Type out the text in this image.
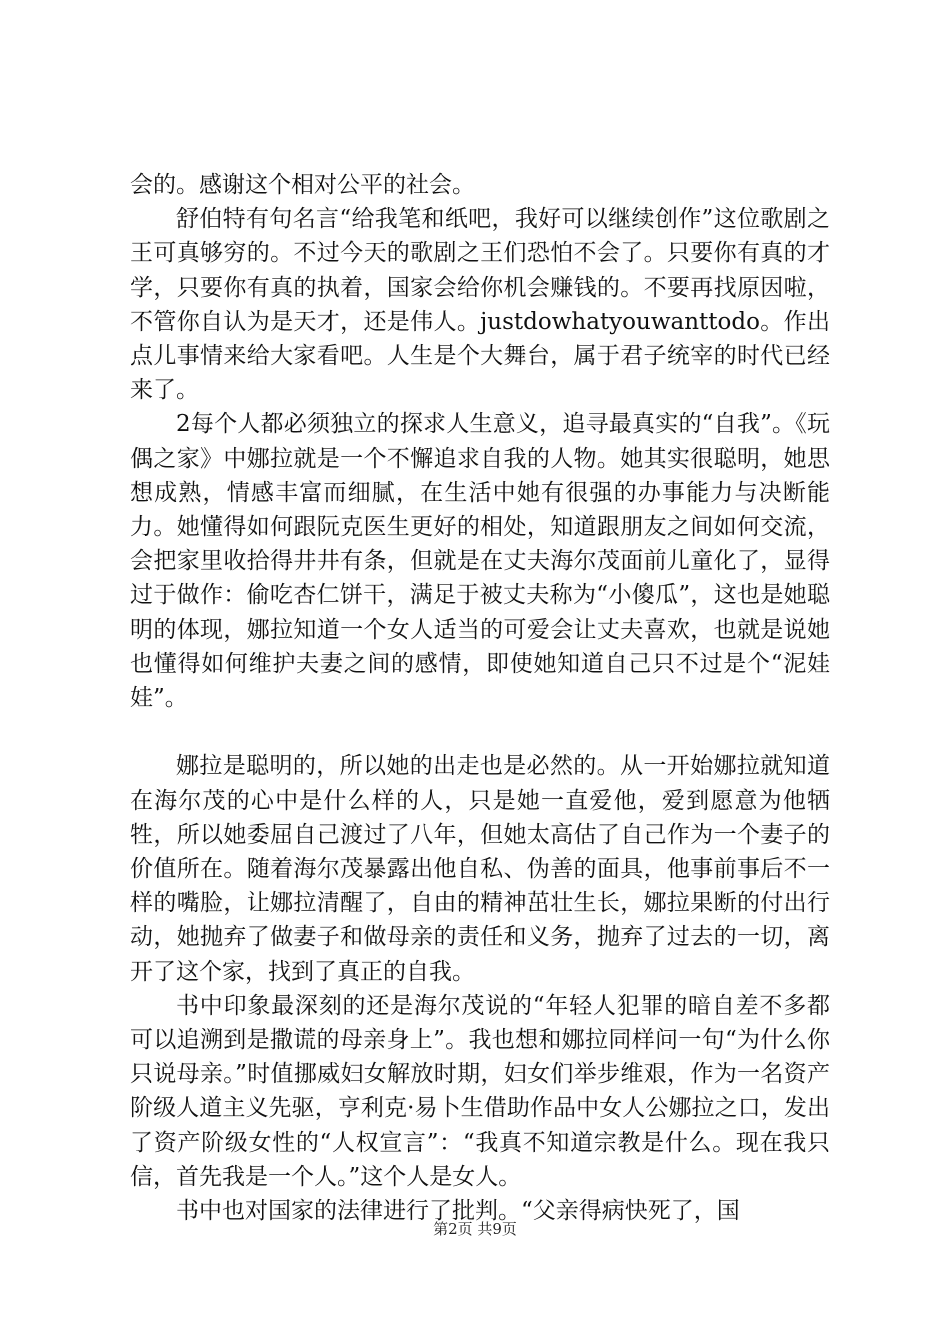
会的。感谢这个相对公平的社会。

舒伯特有句名言“给我笔和纸吧，我好可以继续创作”这位歌剧之王可真够穷的。不过今天的歌剧之王们恐怕不会了。只要你有真的才学，只要你有真的执着，国家会给你机会赚钱的。不要再找原因啦，不管你自认为是天才，还是伟人。justdowhatyouwanttodo。作出点儿事情来给大家看吧。人生是个大舞台，属于君子统宰的时代已经来了。

2每个人都必须独立的探求人生意义，追寻最真实的“自我”。《玩偶之家》中娜拉就是一个不懈追求自我的人物。她其实很聪明，她思想成熟，情感丰富而细腻，在生活中她有很强的办事能力与决断能力。她懂得如何跟阮克医生更好的相处，知道跟朋友之间如何交流，会把家里收拾得井井有条，但就是在丈夫海尔茂面前儿童化了，显得过于做作：偷吃杏仁饼干，满足于被丈夫称为“小傻瓜”，这也是她聪明的体现，娜拉知道一个女人适当的可爱会让丈夫喜欢，也就是说她也懂得如何维护夫妻之间的感情，即使她知道自己只不过是个“泥娃娃”。

娜拉是聪明的，所以她的出走也是必然的。从一开始娜拉就知道在海尔茂的心中是什么样的人，只是她一直爱他，爱到愿意为他牺牲，所以她委屈自己渡过了八年，但她太高估了自己作为一个妻子的价值所在。随着海尔茂暴露出他自私、伪善的面具，他事前事后不一样的嘴脸，让娜拉清醒了，自由的精神茁壮生长，娜拉果断的付出行动，她抛弃了做妻子和做母亲的责任和义务，抛弃了过去的一切，离开了这个家，找到了真正的自我。

书中印象最深刻的还是海尔茂说的“年轻人犯罪的暗自差不多都可以追溯到是撒谎的母亲身上”。我也想和娜拉同样问一句“为什么你只说母亲。”时值挪威妇女解放时期，妇女们举步维艰，作为一名资产阶级人道主义先驱，亨利克·易卜生借助作品中女人公娜拉之口，发出了资产阶级女性的“人权宣言”：“我真不知道宗教是什么。现在我只信，首先我是一个人。”这个人是女人。

书中也对国家的法律进行了批判。“父亲得病快死了，国

第2页 共9页
